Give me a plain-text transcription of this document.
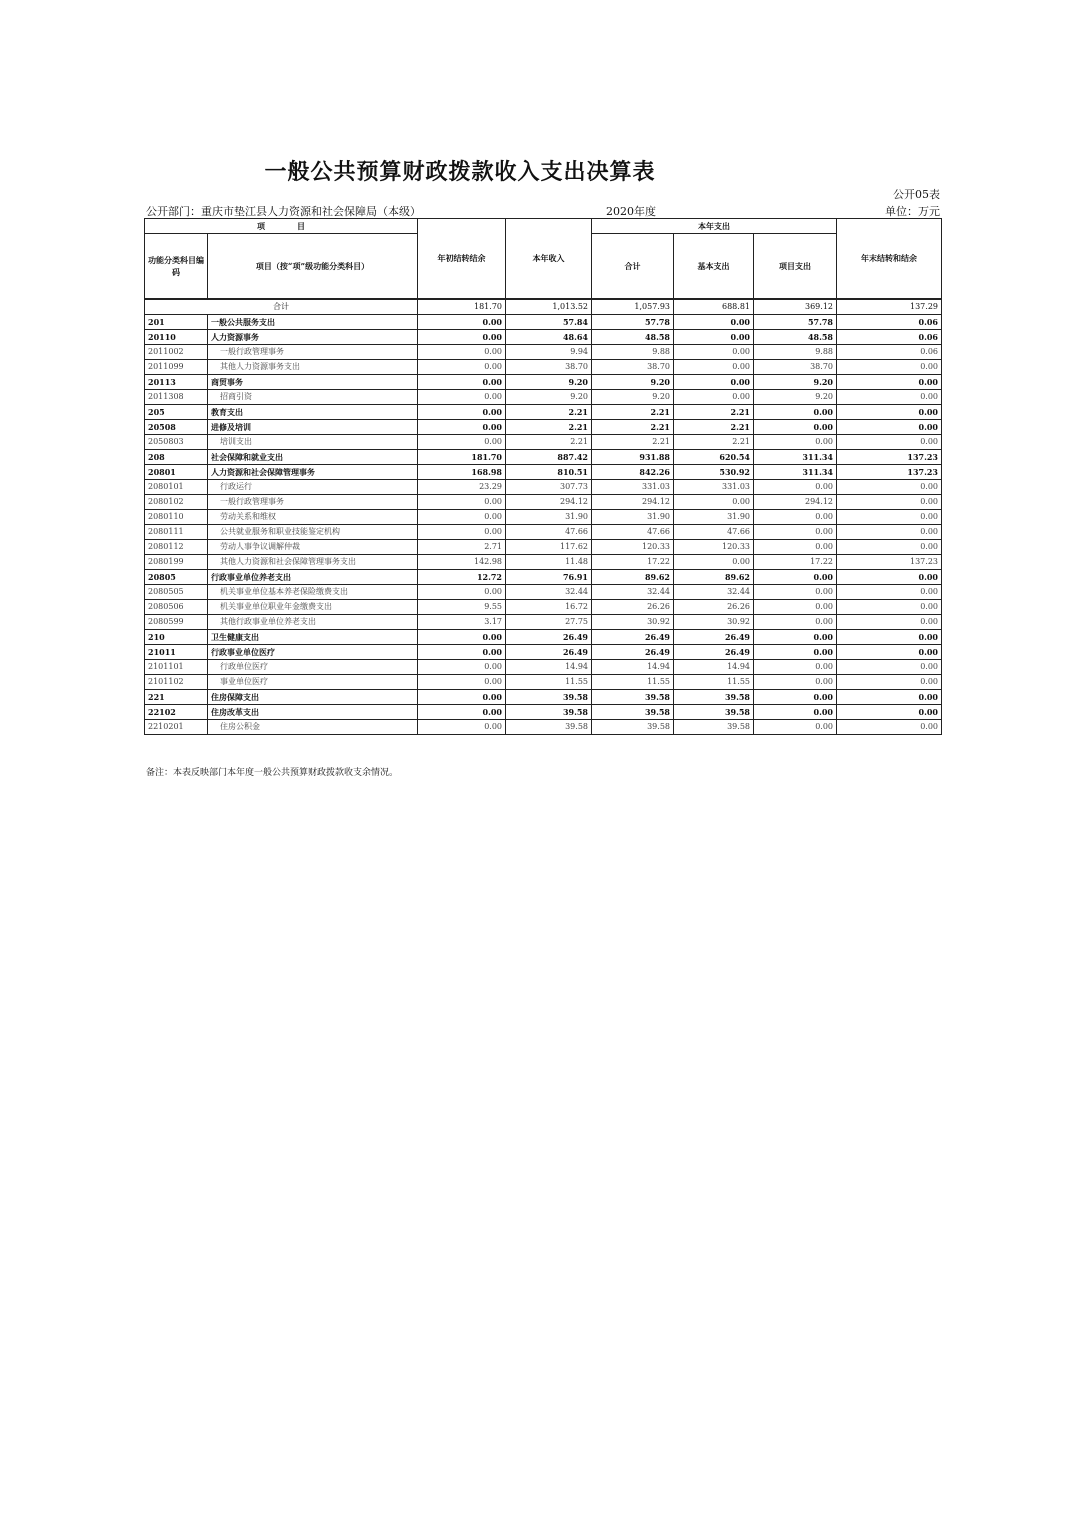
一般公共预算财政拨款收入支出决算表
公开05表
公开部门：重庆市垫江县人力资源和社会保障局（本级）	2020年度	单位：万元
项　　　　目		年初结转结余	本年收入	本年支出			年末结转和结余
功能分类科目编码	项目（按“项”级功能分类科目）			合计	基本支出	项目支出	
合计		181.70	1,013.52	1,057.93	688.81	369.12	137.29
201	一般公共服务支出	0.00	57.84	57.78	0.00	57.78	0.06
20110	人力资源事务	0.00	48.64	48.58	0.00	48.58	0.06
2011002	一般行政管理事务	0.00	9.94	9.88	0.00	9.88	0.06
2011099	其他人力资源事务支出	0.00	38.70	38.70	0.00	38.70	0.00
20113	商贸事务	0.00	9.20	9.20	0.00	9.20	0.00
2011308	招商引资	0.00	9.20	9.20	0.00	9.20	0.00
205	教育支出	0.00	2.21	2.21	2.21	0.00	0.00
20508	进修及培训	0.00	2.21	2.21	2.21	0.00	0.00
2050803	培训支出	0.00	2.21	2.21	2.21	0.00	0.00
208	社会保障和就业支出	181.70	887.42	931.88	620.54	311.34	137.23
20801	人力资源和社会保障管理事务	168.98	810.51	842.26	530.92	311.34	137.23
2080101	行政运行	23.29	307.73	331.03	331.03	0.00	0.00
2080102	一般行政管理事务	0.00	294.12	294.12	0.00	294.12	0.00
2080110	劳动关系和维权	0.00	31.90	31.90	31.90	0.00	0.00
2080111	公共就业服务和职业技能鉴定机构	0.00	47.66	47.66	47.66	0.00	0.00
2080112	劳动人事争议调解仲裁	2.71	117.62	120.33	120.33	0.00	0.00
2080199	其他人力资源和社会保障管理事务支出	142.98	11.48	17.22	0.00	17.22	137.23
20805	行政事业单位养老支出	12.72	76.91	89.62	89.62	0.00	0.00
2080505	机关事业单位基本养老保险缴费支出	0.00	32.44	32.44	32.44	0.00	0.00
2080506	机关事业单位职业年金缴费支出	9.55	16.72	26.26	26.26	0.00	0.00
2080599	其他行政事业单位养老支出	3.17	27.75	30.92	30.92	0.00	0.00
210	卫生健康支出	0.00	26.49	26.49	26.49	0.00	0.00
21011	行政事业单位医疗	0.00	26.49	26.49	26.49	0.00	0.00
2101101	行政单位医疗	0.00	14.94	14.94	14.94	0.00	0.00
2101102	事业单位医疗	0.00	11.55	11.55	11.55	0.00	0.00
221	住房保障支出	0.00	39.58	39.58	39.58	0.00	0.00
22102	住房改革支出	0.00	39.58	39.58	39.58	0.00	0.00
2210201	住房公积金	0.00	39.58	39.58	39.58	0.00	0.00
备注：本表反映部门本年度一般公共预算财政拨款收支余情况。
